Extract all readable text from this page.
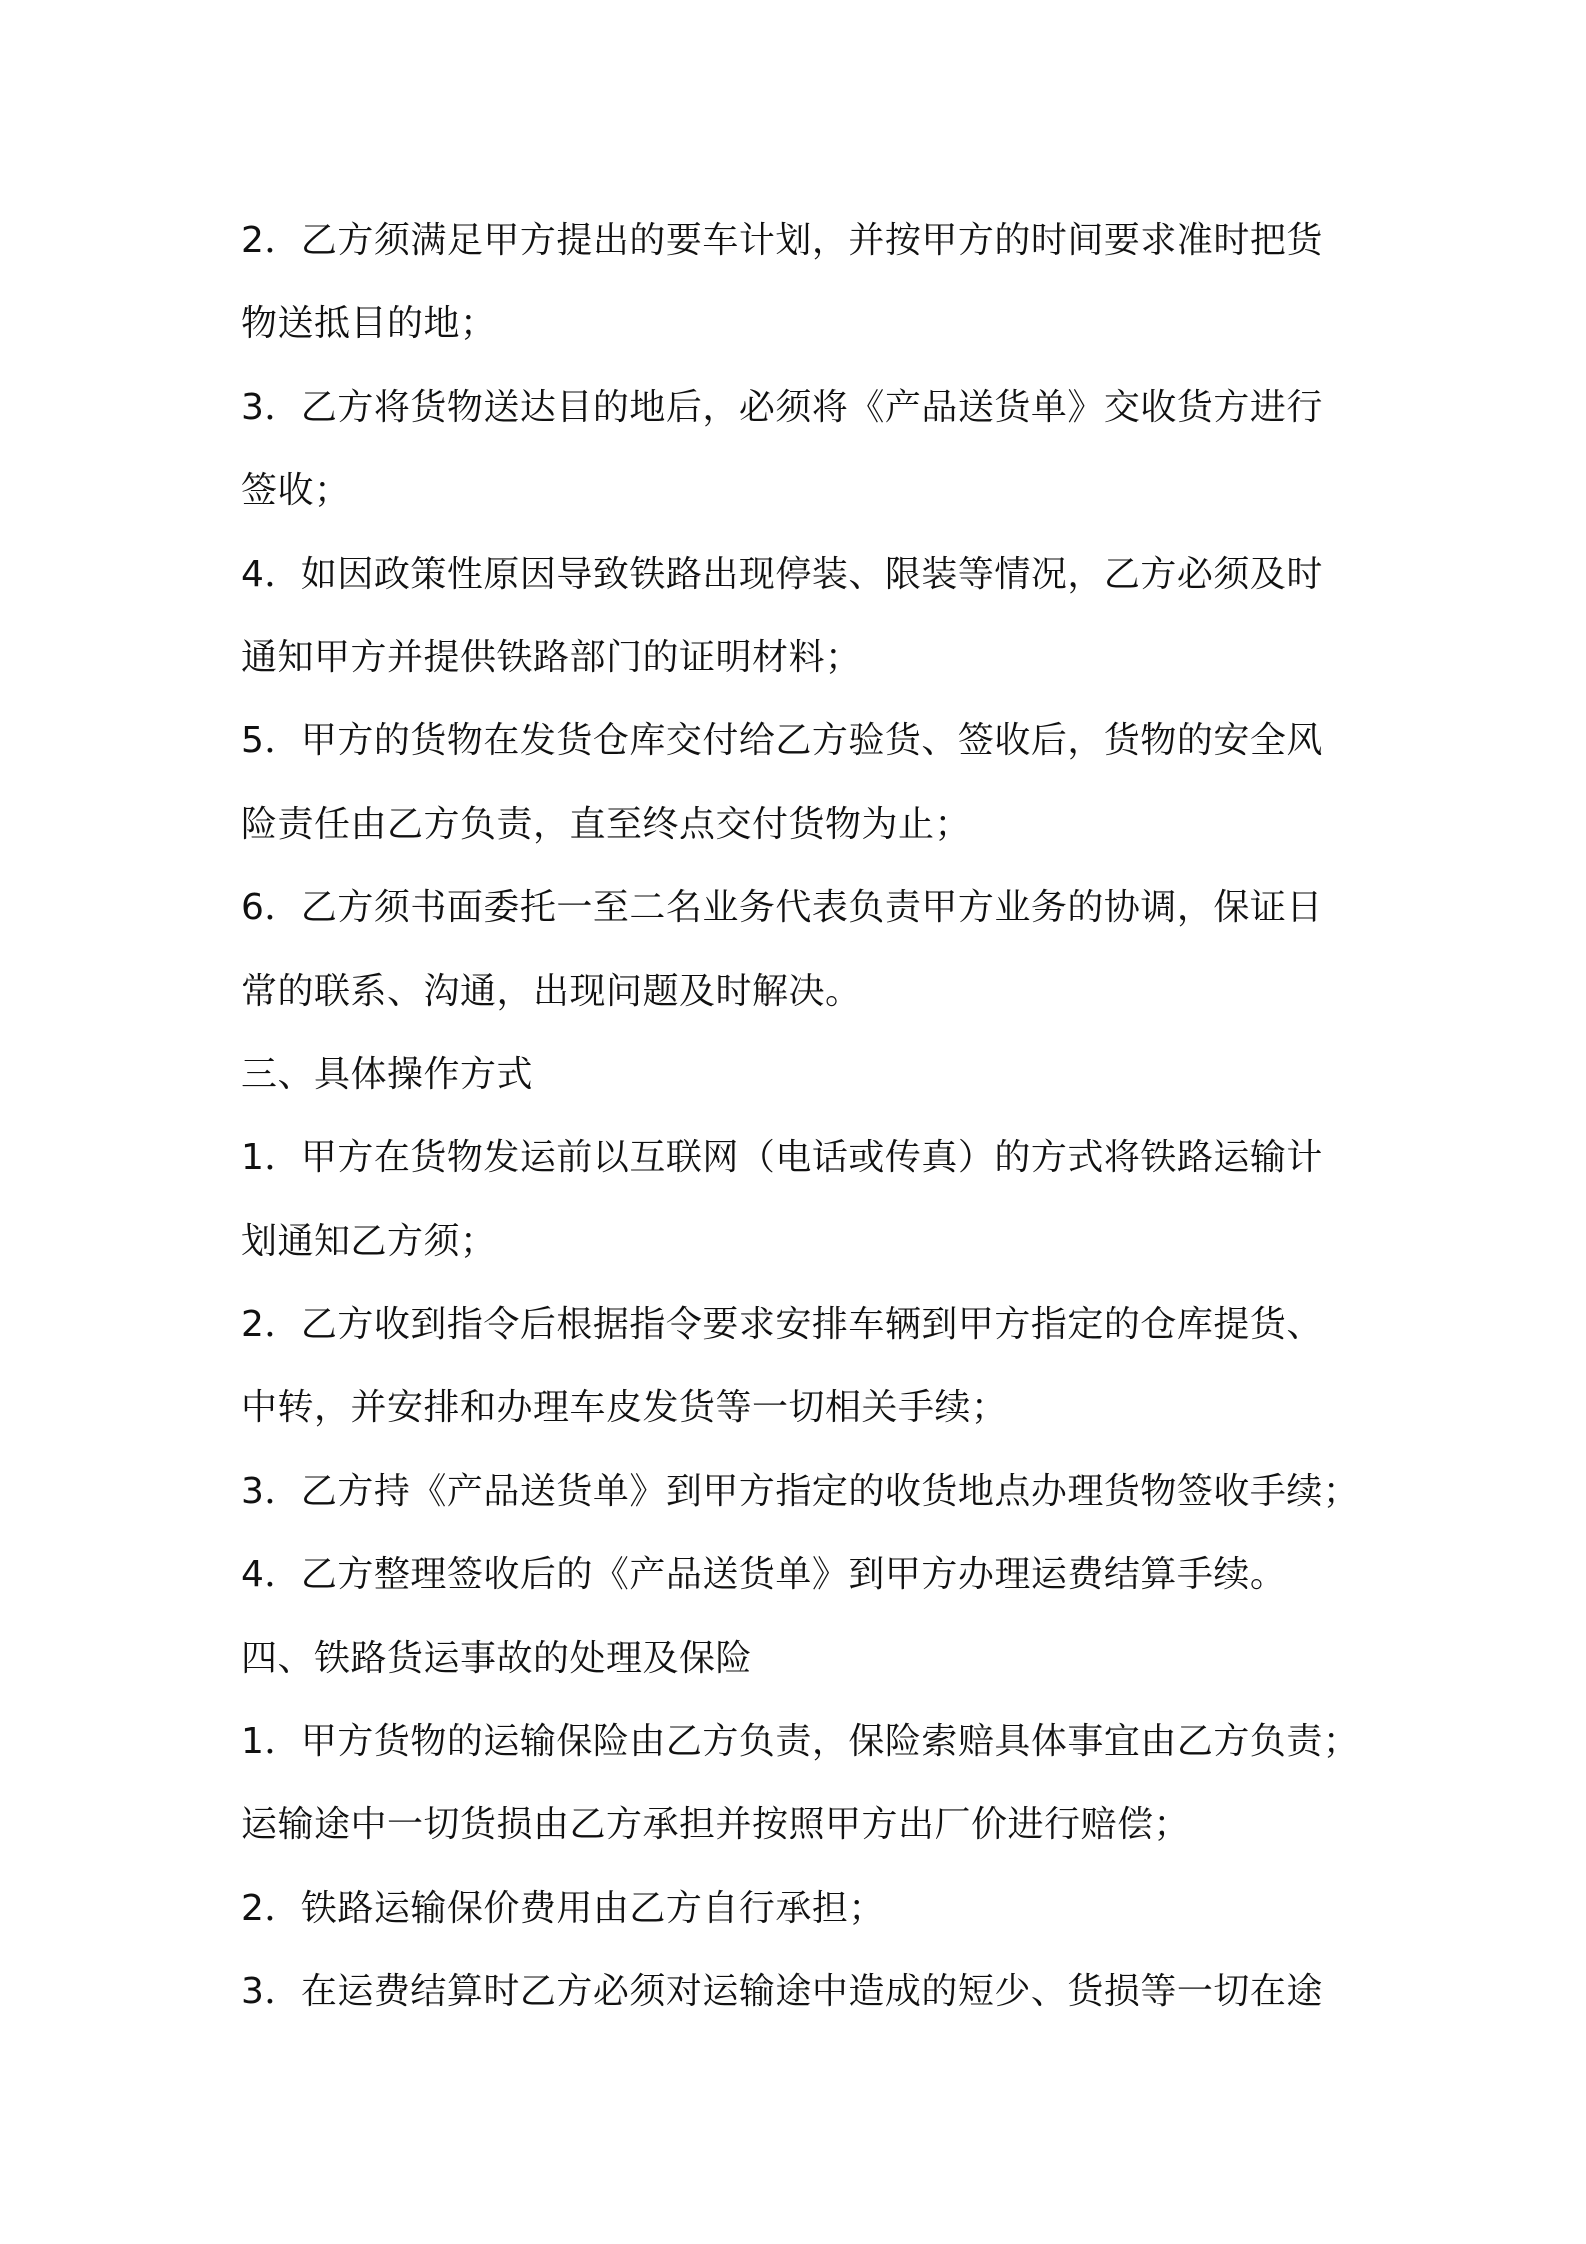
2．乙方须满足甲方提出的要车计划，并按甲方的时间要求准时把货

物送抵目的地；

3．乙方将货物送达目的地后，必须将《产品送货单》交收货方进行

签收；

4．如因政策性原因导致铁路出现停装、限装等情况，乙方必须及时

通知甲方并提供铁路部门的证明材料；

5．甲方的货物在发货仓库交付给乙方验货、签收后，货物的安全风

险责任由乙方负责，直至终点交付货物为止；

6．乙方须书面委托一至二名业务代表负责甲方业务的协调，保证日

常的联系、沟通，出现问题及时解决。

三、具体操作方式

1．甲方在货物发运前以互联网（电话或传真）的方式将铁路运输计

划通知乙方须；

2．乙方收到指令后根据指令要求安排车辆到甲方指定的仓库提货、

中转，并安排和办理车皮发货等一切相关手续；

3．乙方持《产品送货单》到甲方指定的收货地点办理货物签收手续；

4．乙方整理签收后的《产品送货单》到甲方办理运费结算手续。

四、铁路货运事故的处理及保险

1．甲方货物的运输保险由乙方负责，保险索赔具体事宜由乙方负责；

运输途中一切货损由乙方承担并按照甲方出厂价进行赔偿；

2．铁路运输保价费用由乙方自行承担；

3．在运费结算时乙方必须对运输途中造成的短少、货损等一切在途
